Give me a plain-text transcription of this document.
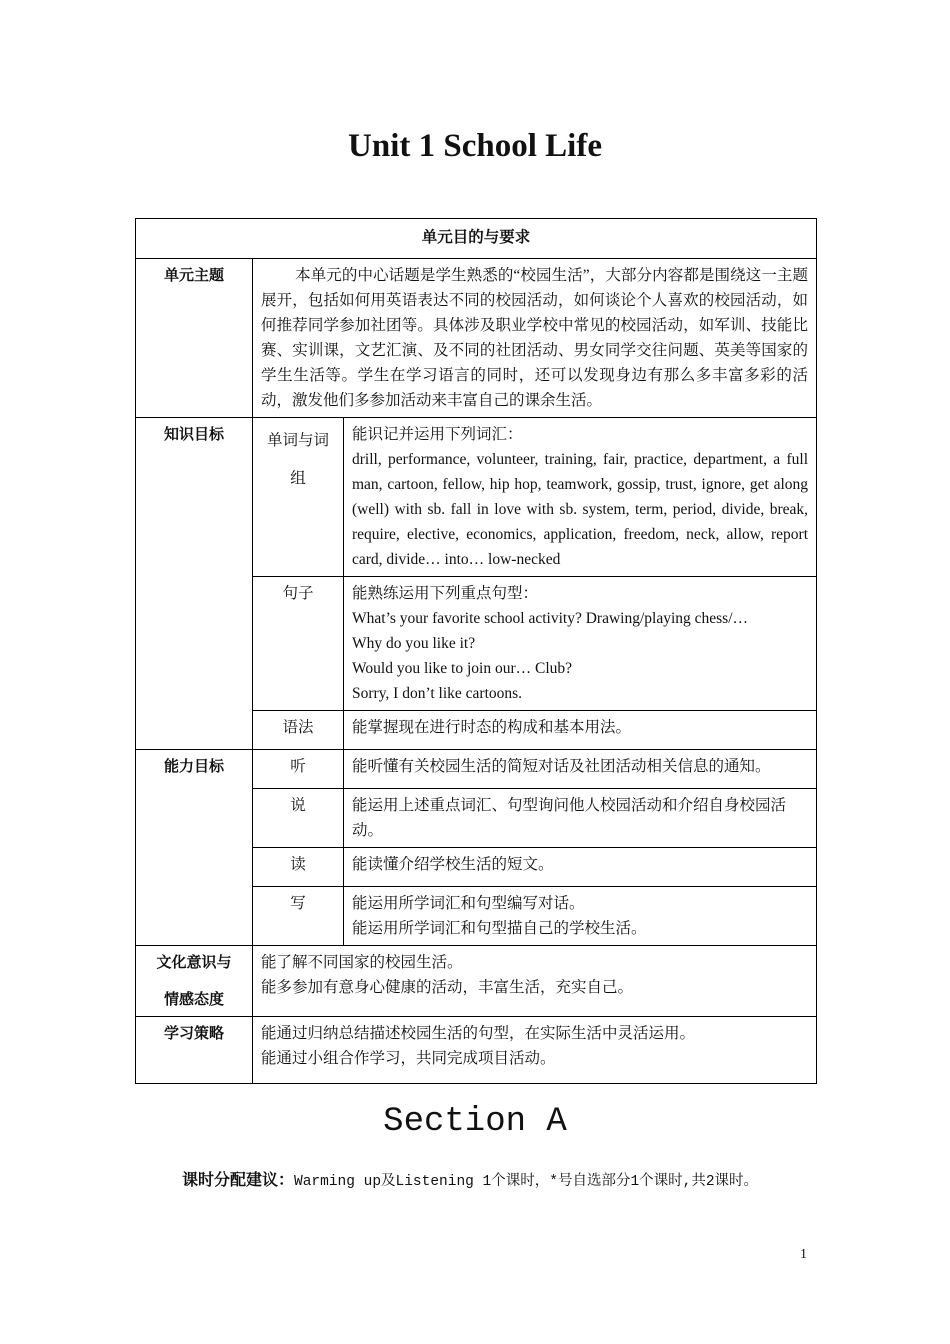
Unit 1 School Life
单元目的与要求		
单元主题	本单元的中心话题是学生熟悉的“校园生活”，大部分内容都是围绕这一主题展开，包括如何用英语表达不同的校园活动，如何谈论个人喜欢的校园活动，如何推荐同学参加社团等。具体涉及职业学校中常见的校园活动，如军训、技能比赛、实训课，文艺汇演、及不同的社团活动、男女同学交往问题、英美等国家的学生生活等。学生在学习语言的同时，还可以发现身边有那么多丰富多彩的活动，激发他们多参加活动来丰富自己的课余生活。	
知识目标	单词与词组	能识记并运用下列词汇：
drill, performance, volunteer, training, fair, practice, department, a full man, cartoon, fellow, hip hop, teamwork, gossip, trust, ignore, get along (well) with sb. fall in love with sb. system, term, period, divide, break, require, elective, economics, application, freedom, neck, allow, report card, divide… into… low-necked

	句子	能熟练运用下列重点句型：
What’s your favorite school activity? Drawing/playing chess/…
Why do you like it?
Would you like to join our… Club?
Sorry, I don’t like cartoons.

	语法	能掌握现在进行时态的构成和基本用法。
能力目标	听	能听懂有关校园生活的简短对话及社团活动相关信息的通知。
	说	能运用上述重点词汇、句型询问他人校园活动和介绍自身校园活动。
	读	能读懂介绍学校生活的短文。
	写	能运用所学词汇和句型编写对话。
能运用所学词汇和句型描自己的学校生活。

文化意识与
情感态度	能了解不同国家的校园生活。
能多参加有意身心健康的活动，丰富生活，充实自己。	

学习策略	能通过归纳总结描述校园生活的句型，在实际生活中灵活运用。
能通过小组合作学习，共同完成项目活动。	
Section A
课时分配建议：Warming up及Listening 1个课时，*号自选部分1个课时,共2课时。
1
